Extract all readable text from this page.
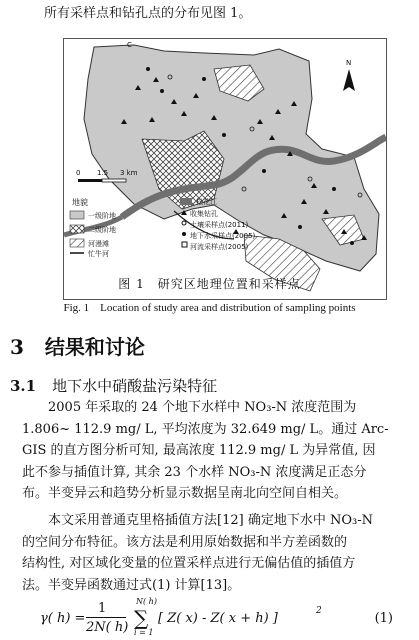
所有采样点和钻孔点的分布见图 1。
C
N
0 1.5 3 km
地貌
一级阶地
二级阶地
河漫滩
松花江
收集钻孔
土壤采样点(2011)
地下水采样点(2005)
河流采样点(2005)
忙牛河
图 1　研究区地理位置和采样点
Fig. 1　Location of study area and distribution of sampling points
3 结果和讨论
3.1 地下水中硝酸盐污染特征
2005 年采取的 24 个地下水样中 NO₃-N 浓度范围为
1.806~ 112.9 mg/ L, 平均浓度为 32.649 mg/ L。通过 Arc-
GIS 的直方图分析可知, 最高浓度 112.9 mg/ L 为异常值, 因
此不参与插值计算, 其余 23 个水样 NO₃-N 浓度满足正态分
布。半变异云和趋势分析显示数据呈南北向空间自相关。
本文采用普通克里格插值方法[12] 确定地下水中 NO₃-N
的空间分布特征。该方法是利用原始数据和半方差函数的
结构性, 对区域化变量的位置采样点进行无偏估值的插值方
法。半变异函数通过式(1) 计算[13]。
γ( h) =
1
2N( h)
N( h)
∑
i = 1
[ Z( x) - Z( x + h) ]	2	(1)
